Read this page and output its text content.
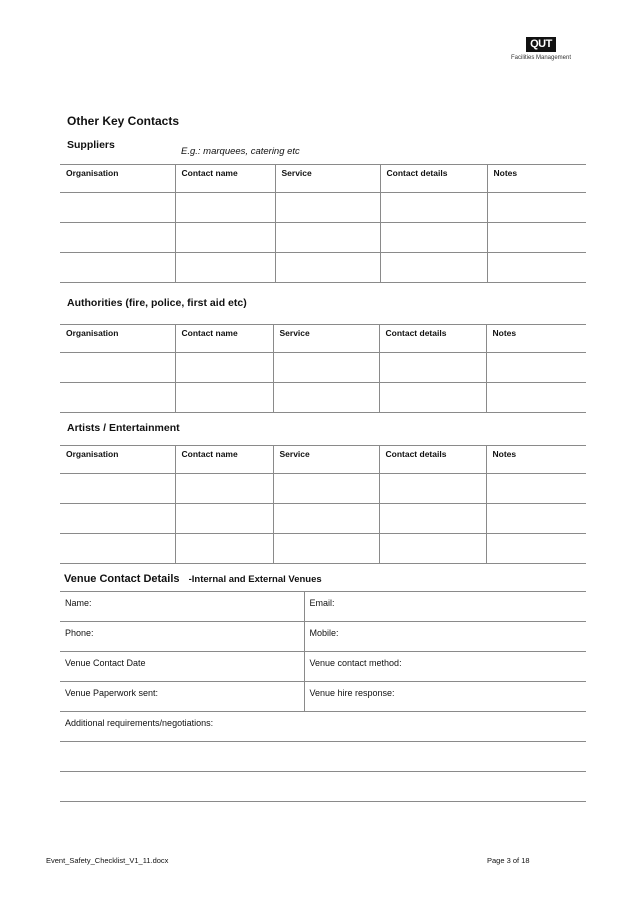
QUT
Facilities Management
Other Key Contacts
Suppliers
E.g.: marquees, catering etc
Organisation	Contact name	Service	Contact details	Notes

Authorities (fire, police, first aid etc)
Organisation	Contact name	Service	Contact details	Notes

Artists / Entertainment
Organisation	Contact name	Service	Contact details	Notes

Venue Contact Details -Internal and External Venues
Name:	Email:
Phone:	Mobile:
Venue Contact Date	Venue contact method:
Venue Paperwork sent:	Venue hire response:
Additional requirements/negotiations:	

Event_Safety_Checklist_V1_11.docx	Page 3 of 18
